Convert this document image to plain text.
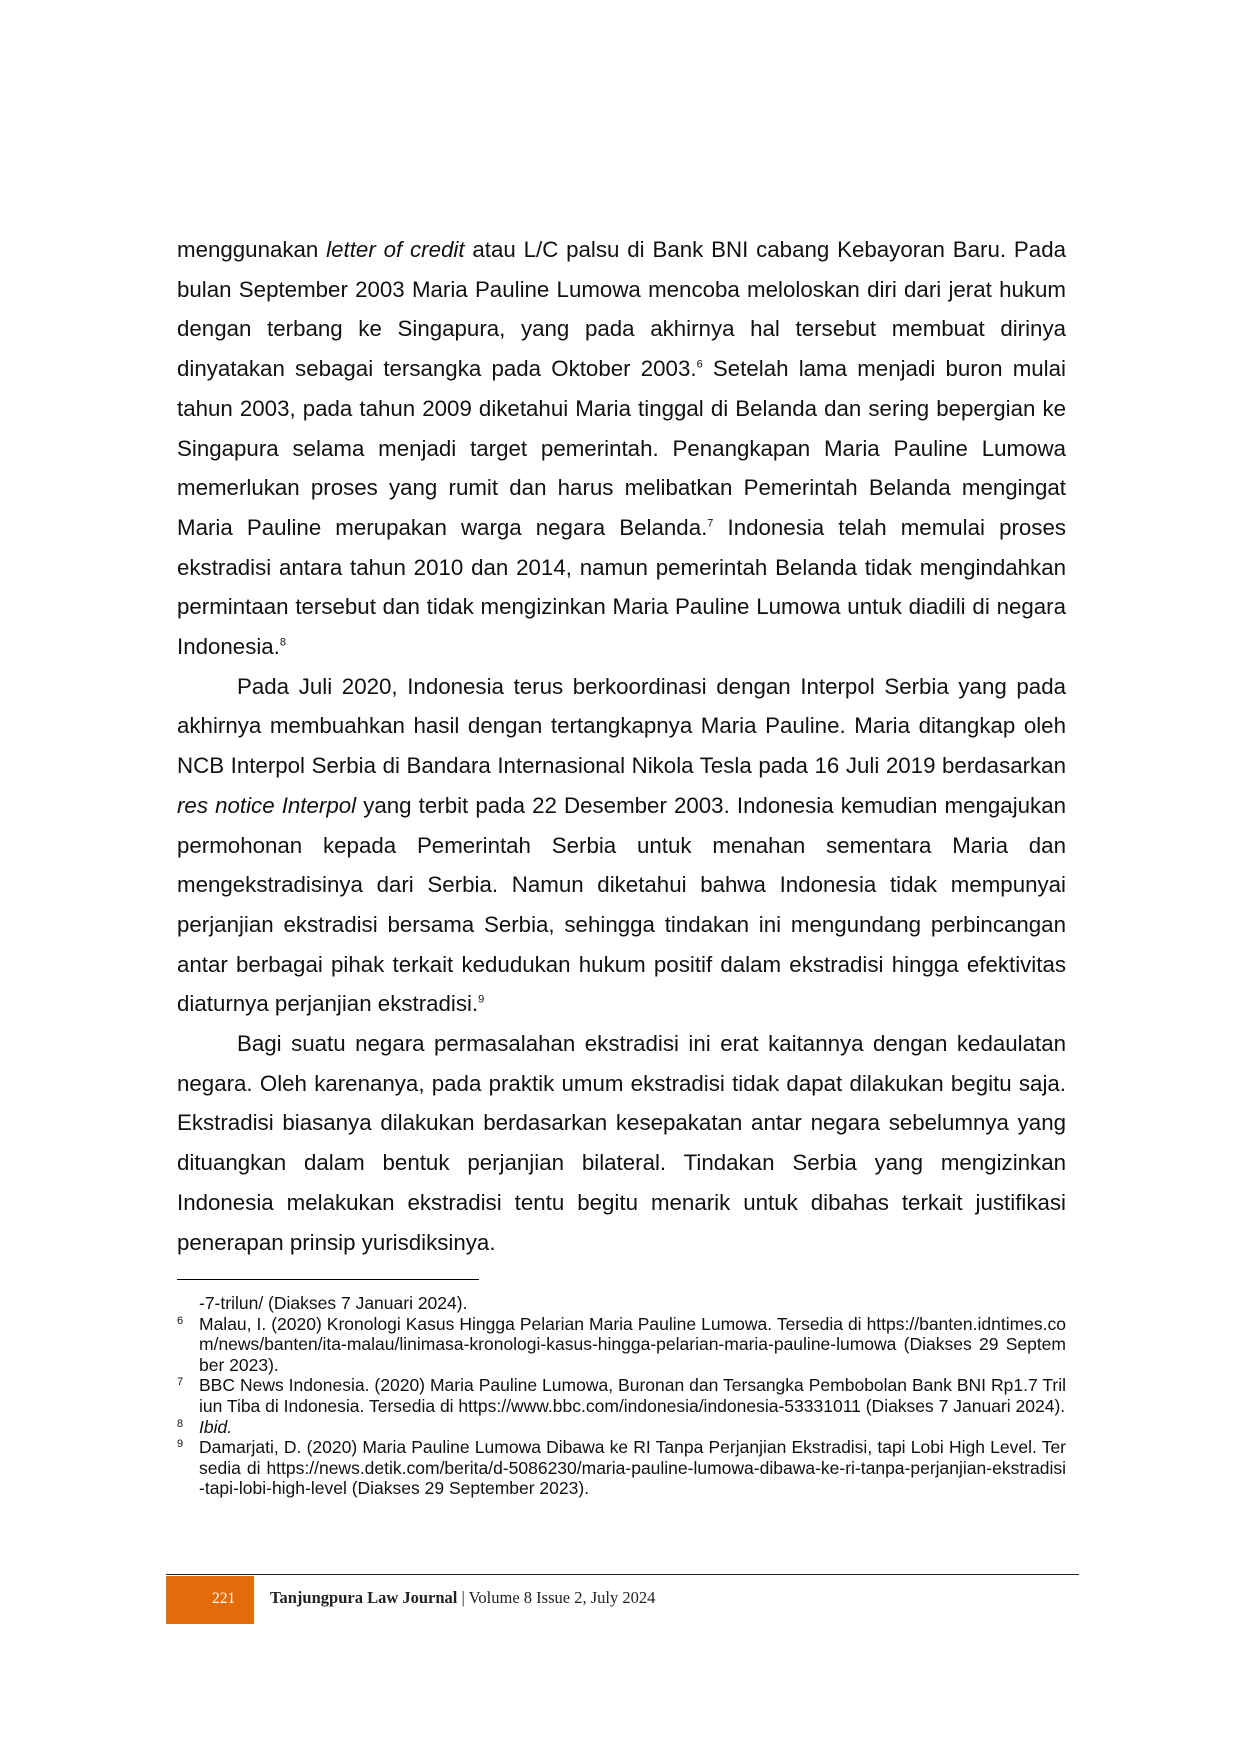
menggunakan letter of credit atau L/C palsu di Bank BNI cabang Kebayoran Baru. Pada bulan September 2003 Maria Pauline Lumowa mencoba meloloskan diri dari jerat hukum dengan terbang ke Singapura, yang pada akhirnya hal tersebut membuat dirinya dinyatakan sebagai tersangka pada Oktober 2003.$^6$ Setelah lama menjadi buron mulai tahun 2003, pada tahun 2009 diketahui Maria tinggal di Belanda dan sering bepergian ke Singapura selama menjadi target pemerintah. Penangkapan Maria Pauline Lumowa memerlukan proses yang rumit dan harus melibatkan Pemerintah Belanda mengingat Maria Pauline merupakan warga negara Belanda.$^7$ Indonesia telah memulai proses ekstradisi antara tahun 2010 dan 2014, namun pemerintah Belanda tidak mengindahkan permintaan tersebut dan tidak mengizinkan Maria Pauline Lumowa untuk diadili di negara Indonesia.$^8$

Pada Juli 2020, Indonesia terus berkoordinasi dengan Interpol Serbia yang pada akhirnya membuahkan hasil dengan tertangkapnya Maria Pauline. Maria ditangkap oleh NCB Interpol Serbia di Bandara Internasional Nikola Tesla pada 16 Juli 2019 berdasarkan res notice Interpol yang terbit pada 22 Desember 2003. Indonesia kemudian mengajukan permohonan kepada Pemerintah Serbia untuk menahan sementara Maria dan mengekstradisinya dari Serbia. Namun diketahui bahwa Indonesia tidak mempunyai perjanjian ekstradisi bersama Serbia, sehingga tindakan ini mengundang perbincangan antar berbagai pihak terkait kedudukan hukum positif dalam ekstradisi hingga efektivitas diaturnya perjanjian ekstradisi.$^9$

Bagi suatu negara permasalahan ekstradisi ini erat kaitannya dengan kedaulatan negara. Oleh karenanya, pada praktik umum ekstradisi tidak dapat dilakukan begitu saja. Ekstradisi biasanya dilakukan berdasarkan kesepakatan antar negara sebelumnya yang dituangkan dalam bentuk perjanjian bilateral. Tindakan Serbia yang mengizinkan Indonesia melakukan ekstradisi tentu begitu menarik untuk dibahas terkait justifikasi penerapan prinsip yurisdiksinya.

-7-trilun/ (Diakses 7 Januari 2024).
6 Malau, I. (2020) Kronologi Kasus Hingga Pelarian Maria Pauline Lumowa. Tersedia di https://banten.idntimes.com/news/banten/ita-malau/linimasa-kronologi-kasus-hingga-pelarian-maria-pauline-lumowa (Diakses 29 September 2023).
7 BBC News Indonesia. (2020) Maria Pauline Lumowa, Buronan dan Tersangka Pembobolan Bank BNI Rp1.7 Triliun Tiba di Indonesia. Tersedia di https://www.bbc.com/indonesia/indonesia-53331011 (Diakses 7 Januari 2024).
8 Ibid.
9 Damarjati, D. (2020) Maria Pauline Lumowa Dibawa ke RI Tanpa Perjanjian Ekstradisi, tapi Lobi High Level. Tersedia di https://news.detik.com/berita/d-5086230/maria-pauline-lumowa-dibawa-ke-ri-tanpa-perjanjian-ekstradisi-tapi-lobi-high-level (Diakses 29 September 2023).
221 Tanjungpura Law Journal | Volume 8 Issue 2, July 2024
